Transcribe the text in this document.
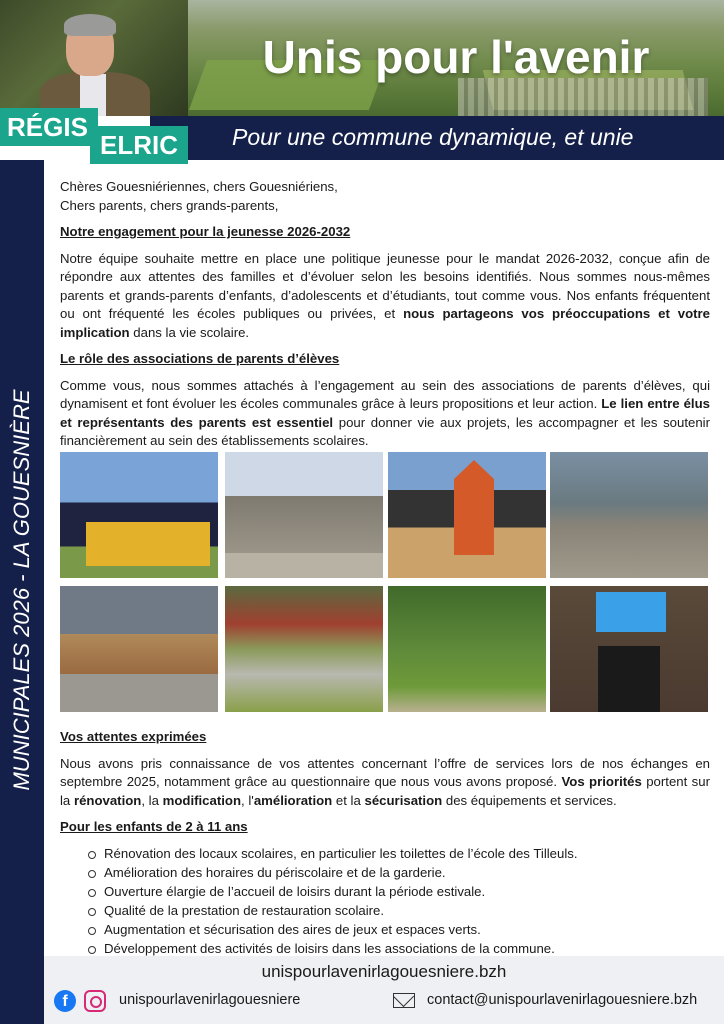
Unis pour l'avenir
Pour une commune dynamique, et unie
RÉGIS
ELRIC
MUNICIPALES 2026 - LA GOUESNIÈRE
Chères Gouesniériennes, chers Gouesniériens,
Chers parents, chers grands-parents,
Notre engagement pour la jeunesse 2026-2032
Notre équipe souhaite mettre en place une politique jeunesse pour le mandat 2026-2032, conçue afin de répondre aux attentes des familles et d’évoluer selon les besoins identifiés. Nous sommes nous-mêmes parents et grands-parents d’enfants, d’adolescents et d’étudiants, tout comme vous. Nos enfants fréquentent ou ont fréquenté les écoles publiques ou privées, et nous partageons vos préoccupations et votre implication dans la vie scolaire.
Le rôle des associations de parents d’élèves
Comme vous, nous sommes attachés à l’engagement au sein des associations de parents d’élèves, qui dynamisent et font évoluer les écoles communales grâce à leurs propositions et leur action. Le lien entre élus et représentants des parents est essentiel pour donner vie aux projets, les accompagner et les soutenir financièrement au sein des établissements scolaires.
Vos attentes exprimées
Nous avons pris connaissance de vos attentes concernant l’offre de services lors de nos échanges en septembre 2025, notamment grâce au questionnaire que nous vous avons proposé. Vos priorités portent sur la rénovation, la modification, l'amélioration et la sécurisation des équipements et services.
Pour les enfants de 2 à 11 ans
Rénovation des locaux scolaires, en particulier les toilettes de l’école des Tilleuls.
Amélioration des horaires du périscolaire et de la garderie.
Ouverture élargie de l’accueil de loisirs durant la période estivale.
Qualité de la prestation de restauration scolaire.
Augmentation et sécurisation des aires de jeux et espaces verts.
Développement des activités de loisirs dans les associations de la commune.
unispourlavenirlagouesniere.bzh
f	unispourlavenirlagouesniere	contact@unispourlavenirlagouesniere.bzh
